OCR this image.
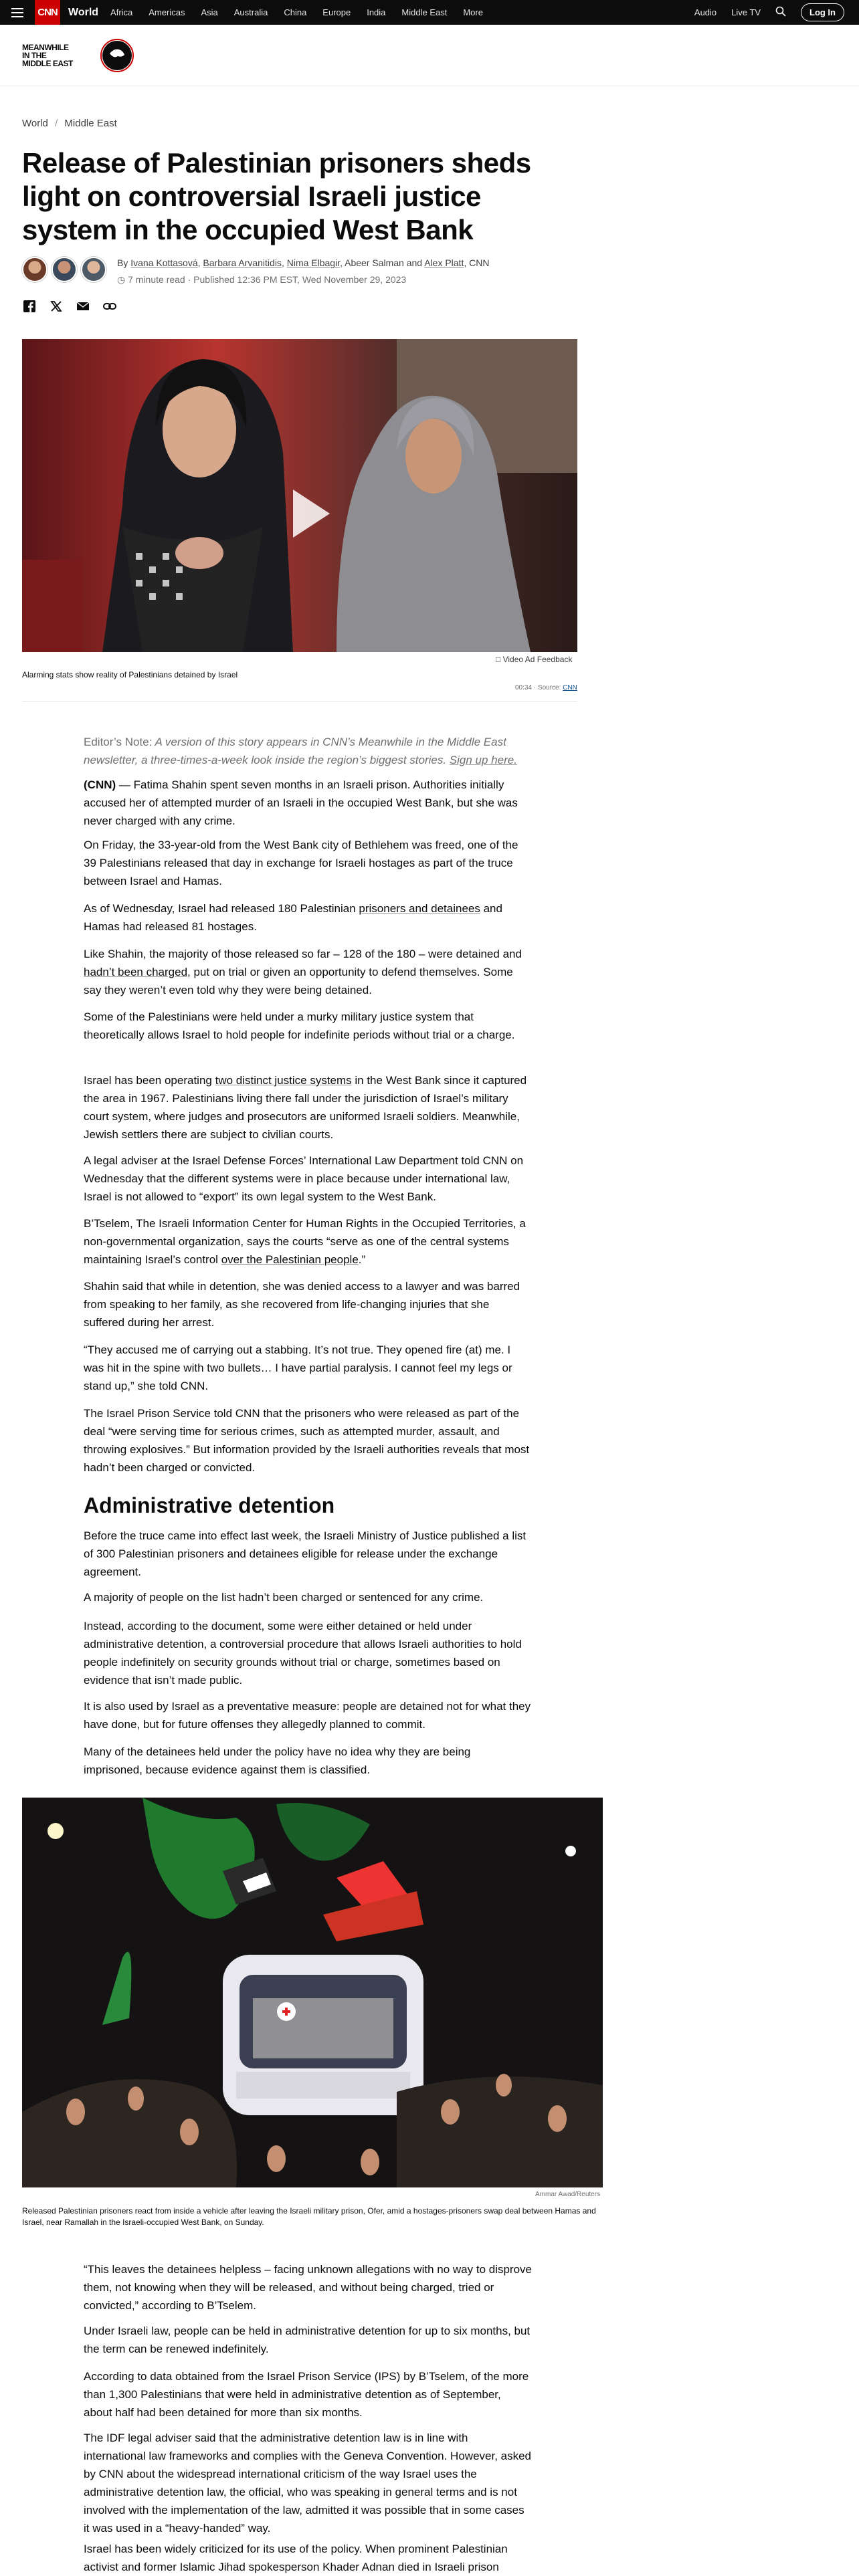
CNN World Africa Americas Asia Australia China Europe India Middle East More	Audio Live TV	Log In
MEANWHILE
IN THE
MIDDLE EAST
World / Middle East
Release of Palestinian prisoners sheds light on controversial Israeli justice system in the occupied West Bank
By Ivana Kottasová, Barbara Arvanitidis, Nima Elbagir, Abeer Salman and Alex Platt, CNN
◷ 7 minute read · Published 12:36 PM EST, Wed November 29, 2023
□ Video Ad Feedback
Alarming stats show reality of Palestinians detained by Israel
00:34 · Source: CNN
Editor’s Note: A version of this story appears in CNN’s Meanwhile in the Middle East newsletter, a three-times-a-week look inside the region’s biggest stories. Sign up here.

(CNN) — Fatima Shahin spent seven months in an Israeli prison. Authorities initially accused her of attempted murder of an Israeli in the occupied West Bank, but she was never charged with any crime.

On Friday, the 33-year-old from the West Bank city of Bethlehem was freed, one of the 39 Palestinians released that day in exchange for Israeli hostages as part of the truce between Israel and Hamas.

As of Wednesday, Israel had released 180 Palestinian prisoners and detainees and Hamas had released 81 hostages.

Like Shahin, the majority of those released so far – 128 of the 180 – were detained and hadn’t been charged, put on trial or given an opportunity to defend themselves. Some say they weren’t even told why they were being detained.

Some of the Palestinians were held under a murky military justice system that theoretically allows Israel to hold people for indefinite periods without trial or a charge.

Israel has been operating two distinct justice systems in the West Bank since it captured the area in 1967. Palestinians living there fall under the jurisdiction of Israel’s military court system, where judges and prosecutors are uniformed Israeli soldiers. Meanwhile, Jewish settlers there are subject to civilian courts.

A legal adviser at the Israel Defense Forces’ International Law Department told CNN on Wednesday that the different systems were in place because under international law, Israel is not allowed to “export” its own legal system to the West Bank.

B’Tselem, The Israeli Information Center for Human Rights in the Occupied Territories, a non-governmental organization, says the courts “serve as one of the central systems maintaining Israel’s control over the Palestinian people.”

Shahin said that while in detention, she was denied access to a lawyer and was barred from speaking to her family, as she recovered from life-changing injuries that she suffered during her arrest.

“They accused me of carrying out a stabbing. It’s not true. They opened fire (at) me. I was hit in the spine with two bullets… I have partial paralysis. I cannot feel my legs or stand up,” she told CNN.

The Israel Prison Service told CNN that the prisoners who were released as part of the deal “were serving time for serious crimes, such as attempted murder, assault, and throwing explosives.” But information provided by the Israeli authorities reveals that most hadn’t been charged or convicted.

Administrative detention

Before the truce came into effect last week, the Israeli Ministry of Justice published a list of 300 Palestinian prisoners and detainees eligible for release under the exchange agreement.

A majority of people on the list hadn’t been charged or sentenced for any crime.

Instead, according to the document, some were either detained or held under administrative detention, a controversial procedure that allows Israeli authorities to hold people indefinitely on security grounds without trial or charge, sometimes based on evidence that isn’t made public.

It is also used by Israel as a preventative measure: people are detained not for what they have done, but for future offenses they allegedly planned to commit.

Many of the detainees held under the policy have no idea why they are being imprisoned, because evidence against them is classified.

Ammar Awad/Reuters
Released Palestinian prisoners react from inside a vehicle after leaving the Israeli military prison, Ofer, amid a hostages-prisoners swap deal between Hamas and Israel, near Ramallah in the Israeli-occupied West Bank, on Sunday.

“This leaves the detainees helpless – facing unknown allegations with no way to disprove them, not knowing when they will be released, and without being charged, tried or convicted,” according to B’Tselem.

Under Israeli law, people can be held in administrative detention for up to six months, but the term can be renewed indefinitely.

According to data obtained from the Israel Prison Service (IPS) by B’Tselem, of the more than 1,300 Palestinians that were held in administrative detention as of September, about half had been detained for more than six months.

The IDF legal adviser said that the administrative detention law is in line with international law frameworks and complies with the Geneva Convention. However, asked by CNN about the widespread international criticism of the way Israel uses the administrative detention law, the official, who was speaking in general terms and is not involved with the implementation of the law, admitted it was possible that in some cases it was used in a “heavy-handed” way.

Israel has been widely criticized for its use of the policy. When prominent Palestinian activist and former Islamic Jihad spokesperson Khader Adnan died in Israeli prison
